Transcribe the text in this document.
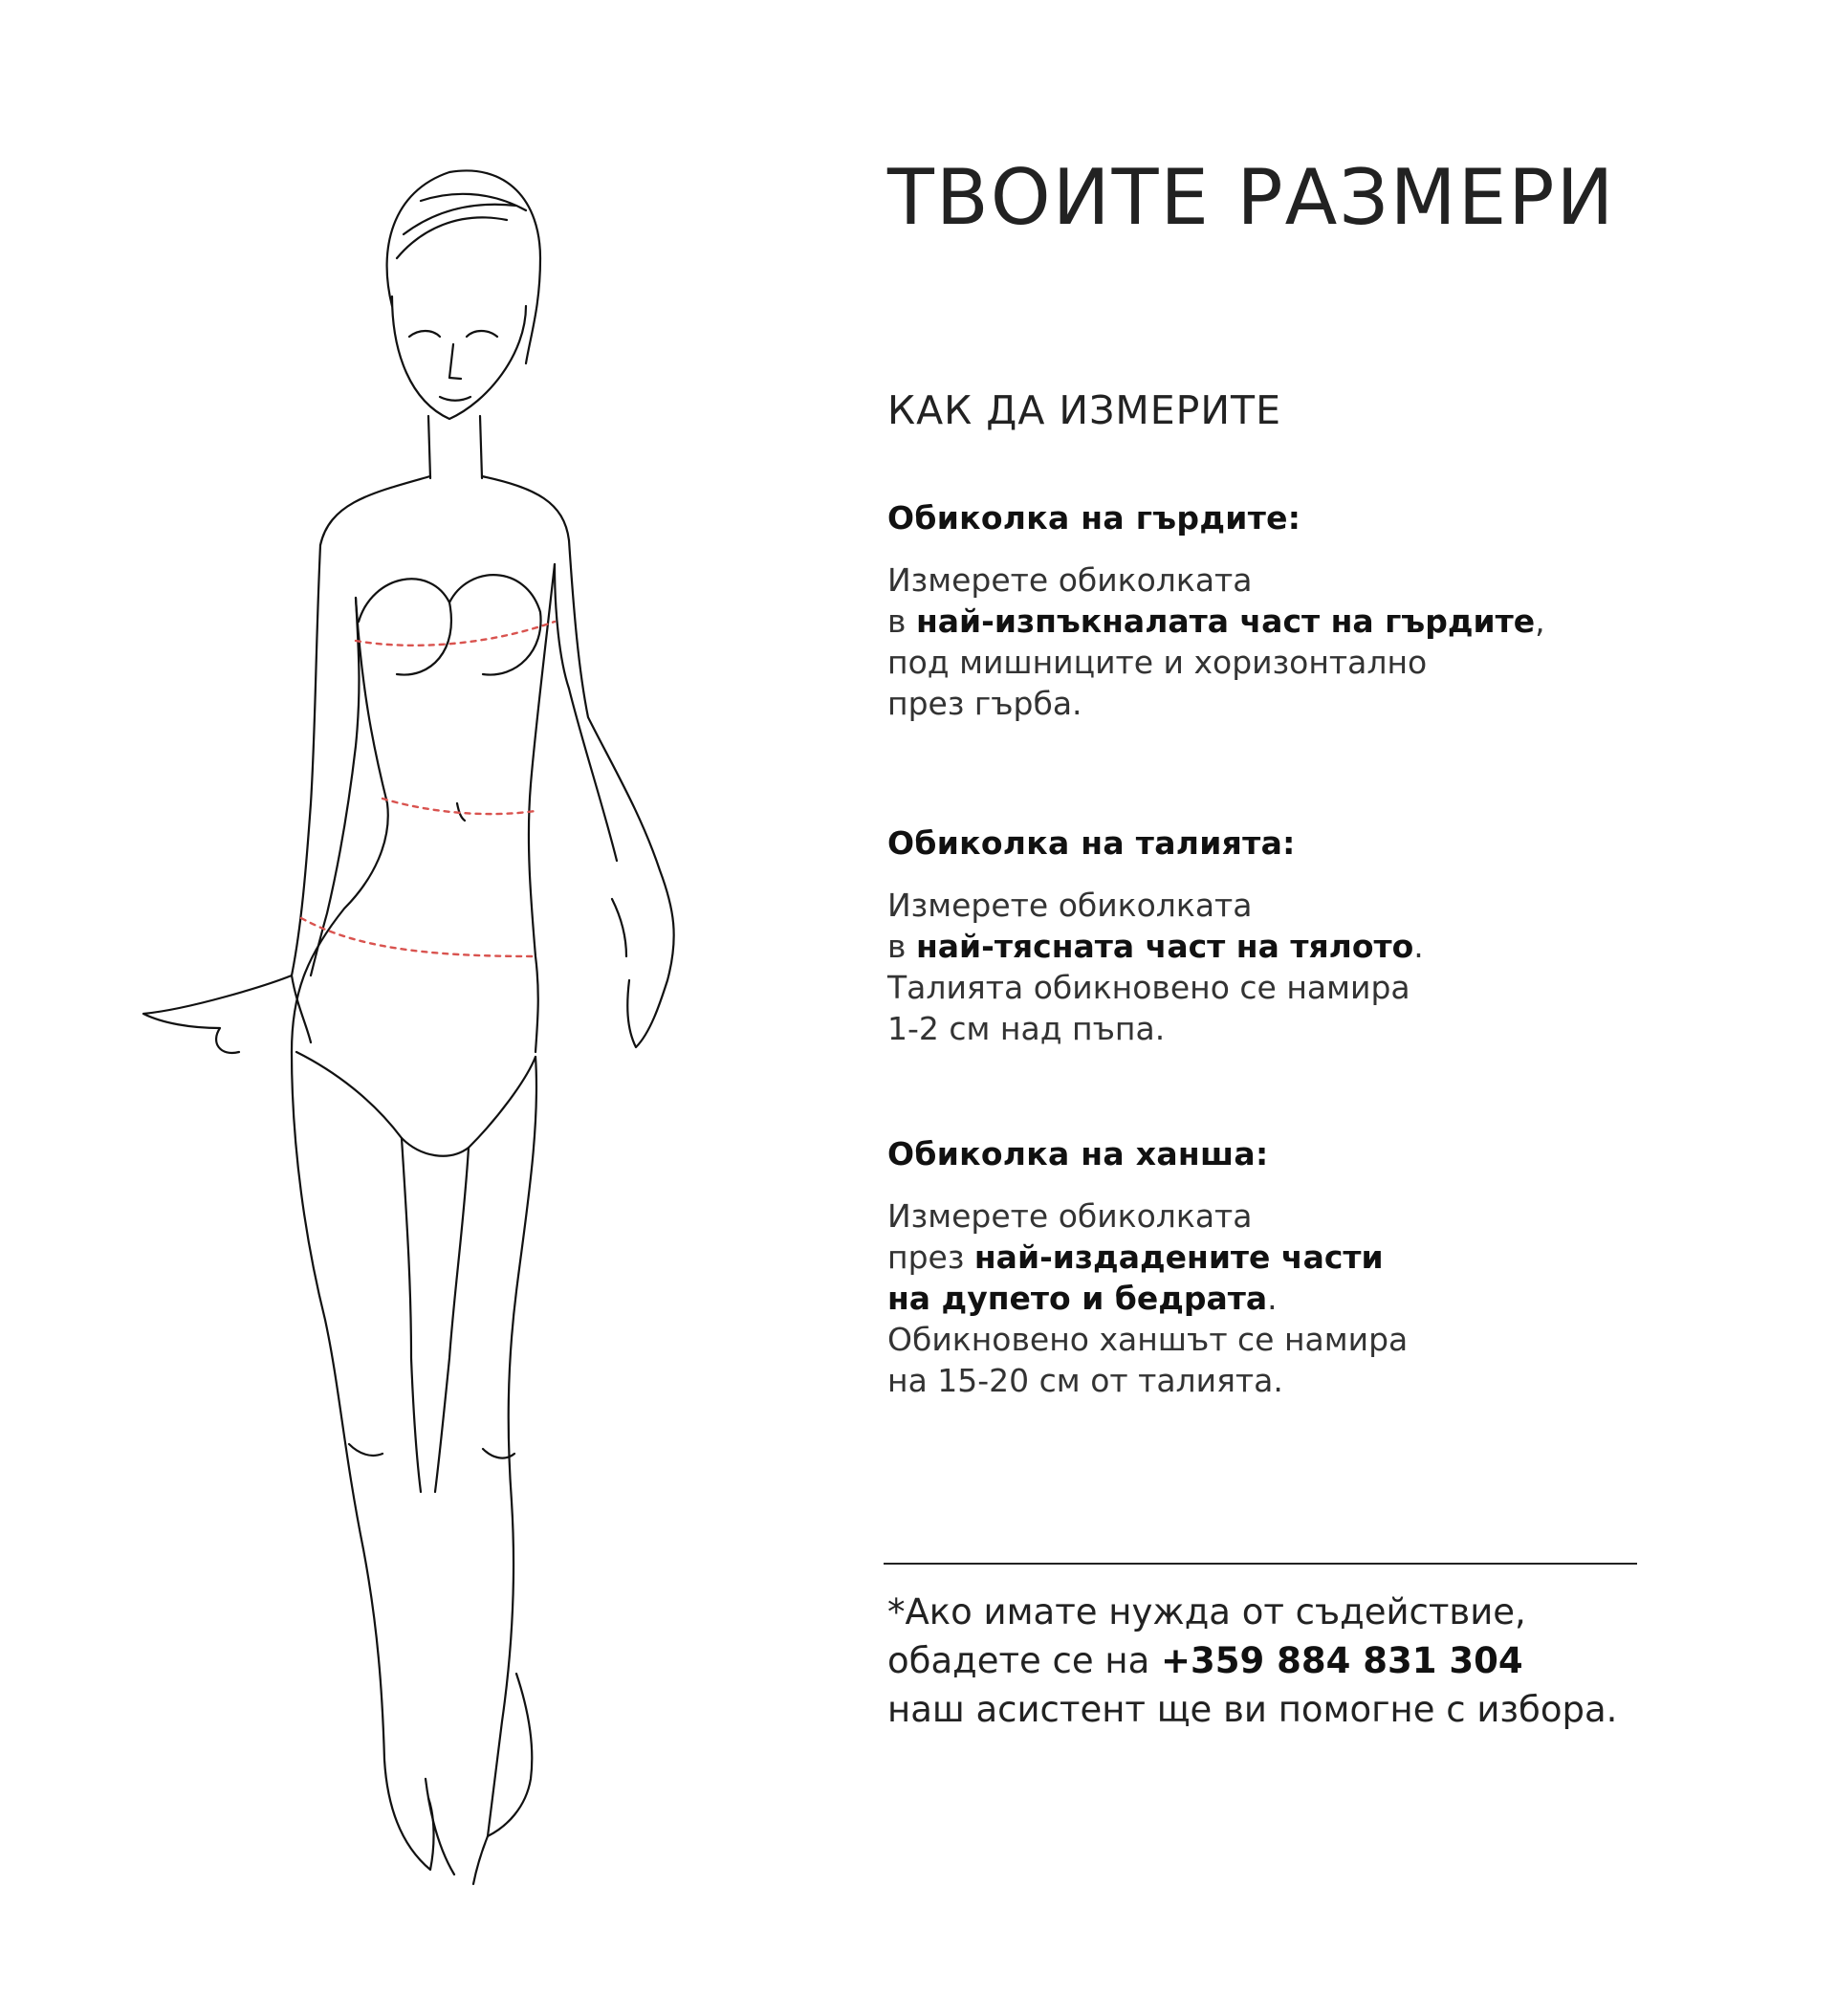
ТВОИТЕ РАЗМЕРИ
КАК ДА ИЗМЕРИТЕ
Обиколка на гърдите:

Измерете обиколката
в най-изпъкналата част на гърдите,
под мишниците и хоризонтално
през гърба.

Обиколка на талията:

Измерете обиколката
в най-тясната част на тялото.
Талията обикновено се намира
1-2 см над пъпа.

Обиколка на ханша:

Измерете обиколката
през най-издадените части
на дупето и бедрата.
Обикновено ханшът се намира
на 15-20 см от талията.

*Ако имате нужда от съдействие,
обадете се на +359 884 831 304
наш асистент ще ви помогне с избора.
